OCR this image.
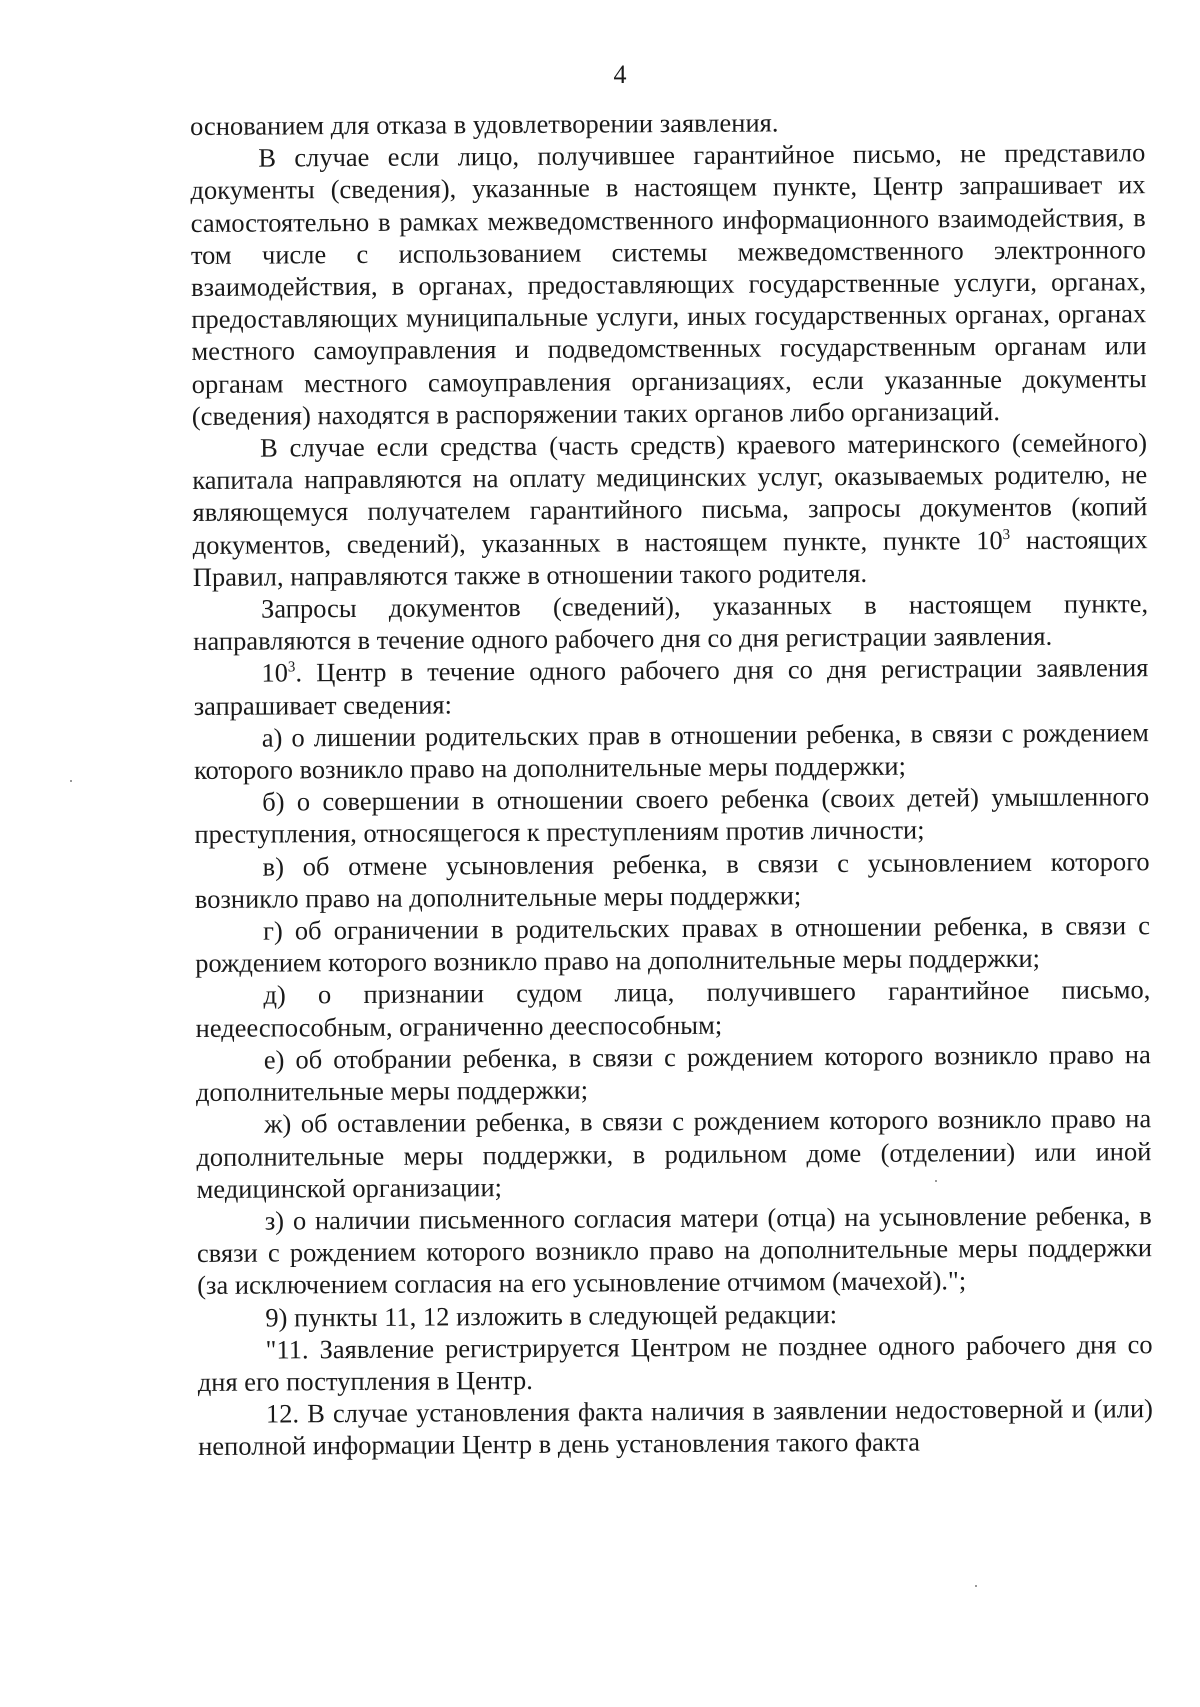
4

основанием для отказа в удовлетворении заявления.

В случае если лицо, получившее гарантийное письмо, не представило документы (сведения), указанные в настоящем пункте, Центр запрашивает их самостоятельно в рамках межведомственного информационного взаимодействия, в том числе с использованием системы межведомственного электронного взаимодействия, в органах, предоставляющих государственные услуги, органах, предоставляющих муниципальные услуги, иных государственных органах, органах местного самоуправления и подведомственных государственным органам или органам местного самоуправления организациях, если указанные документы (сведения) находятся в распоряжении таких органов либо организаций.

В случае если средства (часть средств) краевого материнского (семейного) капитала направляются на оплату медицинских услуг, оказываемых родителю, не являющемуся получателем гарантийного письма, запросы документов (копий документов, сведений), указанных в настоящем пункте, пункте $10^3$ настоящих Правил, направляются также в отношении такого родителя.

Запросы документов (сведений), указанных в настоящем пункте, направляются в течение одного рабочего дня со дня регистрации заявления.

$10^3$. Центр в течение одного рабочего дня со дня регистрации заявления запрашивает сведения:

а) о лишении родительских прав в отношении ребенка, в связи с рождением которого возникло право на дополнительные меры поддержки;

б) о совершении в отношении своего ребенка (своих детей) умышленного преступления, относящегося к преступлениям против личности;

в) об отмене усыновления ребенка, в связи с усыновлением которого возникло право на дополнительные меры поддержки;

г) об ограничении в родительских правах в отношении ребенка, в связи с рождением которого возникло право на дополнительные меры поддержки;

д) о признании судом лица, получившего гарантийное письмо, недееспособным, ограниченно дееспособным;

е) об отобрании ребенка, в связи с рождением которого возникло право на дополнительные меры поддержки;

ж) об оставлении ребенка, в связи с рождением которого возникло право на дополнительные меры поддержки, в родильном доме (отделении) или иной медицинской организации;

з) о наличии письменного согласия матери (отца) на усыновление ребенка, в связи с рождением которого возникло право на дополнительные меры поддержки (за исключением согласия на его усыновление отчимом (мачехой).";

9) пункты 11, 12 изложить в следующей редакции:

"11. Заявление регистрируется Центром не позднее одного рабочего дня со дня его поступления в Центр.

12. В случае установления факта наличия в заявлении недостоверной и (или) неполной информации Центр в день установления такого факта
